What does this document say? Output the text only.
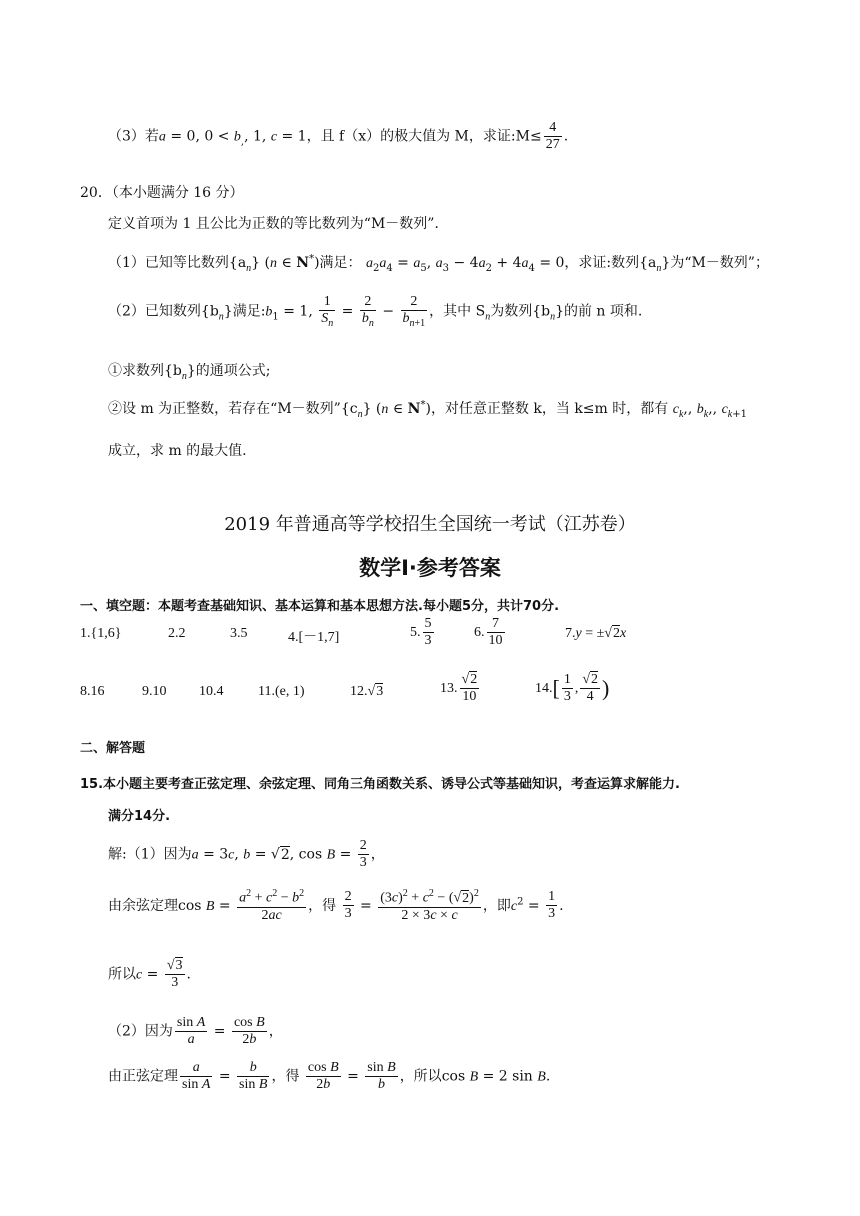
（3）若a = 0, $0 < b_,$, 1, c = 1，且 f（x）的极大值为 M，求证:M≤ $\frac{4}{27}$ .
20．（本小题满分 16 分）
定义首项为 1 且公比为正数的等比数列为“M－数列”．
（1）已知等比数列$\{a_n\}$ (n ∈ N*)满足： $a_2a_4 = a_5$, $a_3 - 4a_2 + 4a_4 = 0$，求证:数列$\{a_n\}$为“M－数列”；
（2）已知数列$\{b_n\}$满足$:b_1 = 1$, $\frac{1}{S_n} = \frac{2}{b_n} - \frac{2}{b_{n+1}}$ ，其中 $S_n$为数列$\{b_n\}$的前 n 项和.
①求数列$\{b_n\}$的通项公式;
②设 m 为正整数，若存在“M－数列$”\{c_n\}$ (n ∈ N*)，对任意正整数 k，当 k≤m 时，都有 $c_k$,, $b_k$,, $c_{k+1}$
成立，求 m 的最大值.
2019 年普通高等学校招生全国统一考试（江苏卷）
数学Ⅰ·参考答案
一、填空题：本题考查基础知识、基本运算和基本思想方法.每小题5分，共计70分.
1.{1,6}	2.2	3.5	4.[－1,7]	5. $\frac{5}{3}$	6. $\frac{7}{10}$	7.y = ±√2x
8.16	9.10 10.4 11.(e, 1)	12.√3	13. $\frac{√2}{10}$	$14.[ \frac{1}{3}$ , $\frac{√2}{4}$ )
二、解答题
15.本小题主要考查正弦定理、余弦定理、同角三角函数关系、诱导公式等基础知识，考查运算求解能力.
满分14分.
解:（1）因为a = 3c, b = √2, $\cos B = \frac{2}{3}$ ，
由余弦定理$\cos B = \frac{a^2 + c^2 - b^2}{2ac}$ ，得 $\frac{2}{3} = \frac{(3c)^2 + c^2 - (√2)^2}{2 \times 3c \times c}$ ，即$c^2 = \frac{1}{3}$ .
所以$c = \frac{√3}{3}$ .
（2）因为 $\frac{\text{sin A}}{a} = \frac{\text{cos B}}{2b}$ ，
由正弦定理 $\frac{a}{\text{sin A}} = \frac{b}{\text{sin B}}$ ，得 $\frac{\text{cos B}}{2b} = \frac{\text{sin B}}{b}$ ，所以cos B = 2 sin B.
